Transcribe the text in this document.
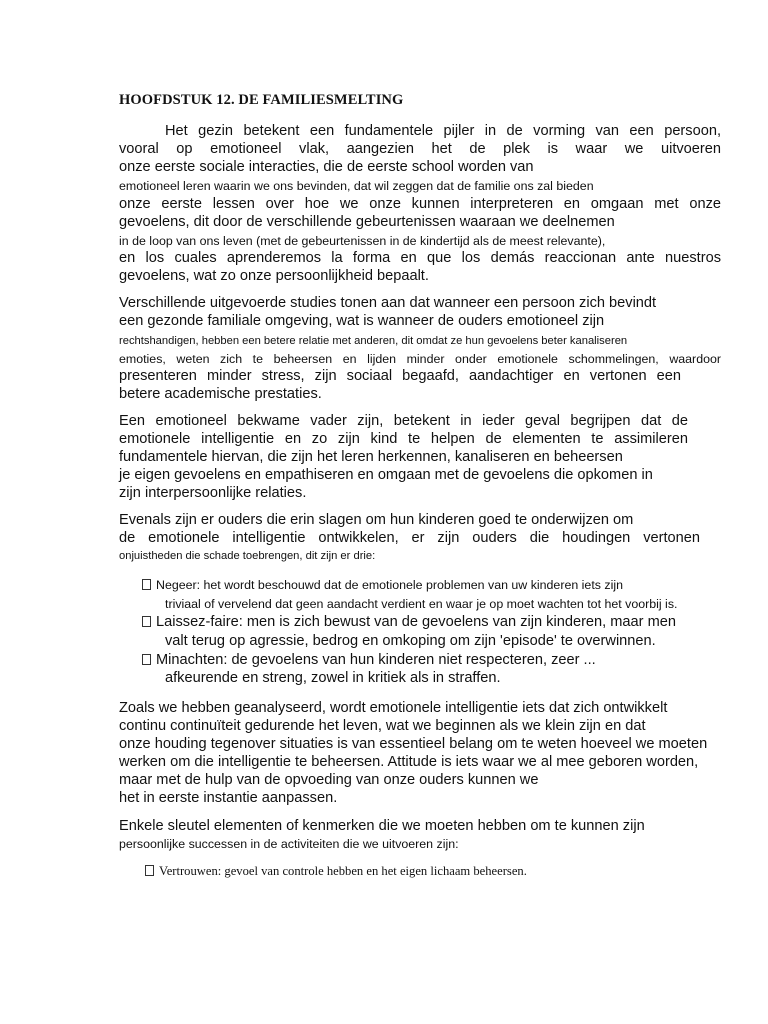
HOOFDSTUK 12. DE FAMILIESMELTING
Het gezin betekent een fundamentele pijler in de vorming van een persoon,
vooral op emotioneel vlak, aangezien het de plek is waar we uitvoeren
onze eerste sociale interacties, die de eerste school worden van
emotioneel leren waarin we ons bevinden, dat wil zeggen dat de familie ons zal bieden
onze eerste lessen over hoe we onze kunnen interpreteren en omgaan met onze
gevoelens, dit door de verschillende gebeurtenissen waaraan we deelnemen
in de loop van ons leven (met de gebeurtenissen in de kindertijd als de meest relevante),
en los cuales aprenderemos la forma en que los demás reaccionan ante nuestros
gevoelens, wat zo onze persoonlijkheid bepaalt.
Verschillende uitgevoerde studies tonen aan dat wanneer een persoon zich bevindt
een gezonde familiale omgeving, wat is wanneer de ouders emotioneel zijn
rechtshandigen, hebben een betere relatie met anderen, dit omdat ze hun gevoelens beter kanaliseren
emoties, weten zich te beheersen en lijden minder onder emotionele schommelingen, waardoor
presenteren minder stress, zijn sociaal begaafd, aandachtiger en vertonen een
betere academische prestaties.
Een emotioneel bekwame vader zijn, betekent in ieder geval begrijpen dat de
emotionele intelligentie en zo zijn kind te helpen de elementen te assimileren
fundamentele hiervan, die zijn het leren herkennen, kanaliseren en beheersen
je eigen gevoelens en empathiseren en omgaan met de gevoelens die opkomen in
zijn interpersoonlijke relaties.
Evenals zijn er ouders die erin slagen om hun kinderen goed te onderwijzen om
de emotionele intelligentie ontwikkelen, er zijn ouders die houdingen vertonen
onjuistheden die schade toebrengen, dit zijn er drie:
Negeer: het wordt beschouwd dat de emotionele problemen van uw kinderen iets zijn
triviaal of vervelend dat geen aandacht verdient en waar je op moet wachten tot het voorbij is.
Laissez-faire: men is zich bewust van de gevoelens van zijn kinderen, maar men
valt terug op agressie, bedrog en omkoping om zijn 'episode' te overwinnen.
Minachten: de gevoelens van hun kinderen niet respecteren, zeer ...
afkeurende en streng, zowel in kritiek als in straffen.
Zoals we hebben geanalyseerd, wordt emotionele intelligentie iets dat zich ontwikkelt
continu continuïteit gedurende het leven, wat we beginnen als we klein zijn en dat
onze houding tegenover situaties is van essentieel belang om te weten hoeveel we moeten
werken om die intelligentie te beheersen. Attitude is iets waar we al mee geboren worden,
maar met de hulp van de opvoeding van onze ouders kunnen we
het in eerste instantie aanpassen.
Enkele sleutel elementen of kenmerken die we moeten hebben om te kunnen zijn
persoonlijke successen in de activiteiten die we uitvoeren zijn:
Vertrouwen: gevoel van controle hebben en het eigen lichaam beheersen.
